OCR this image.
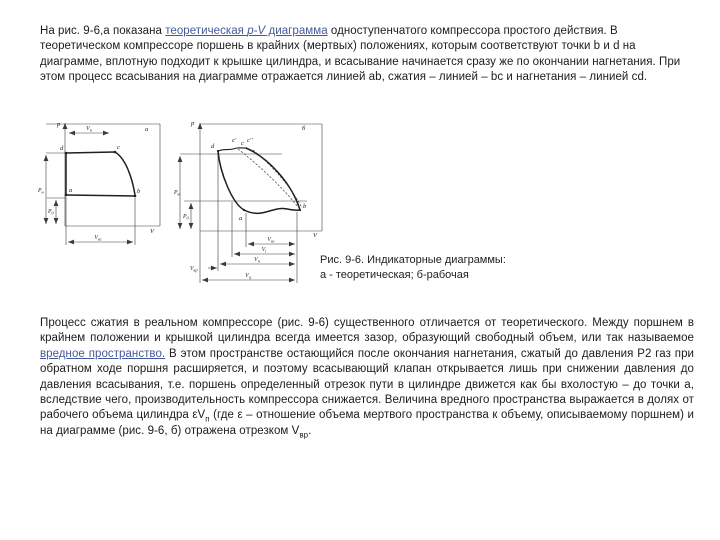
На рис. 9-6,а показана теоретическая p-V диаграмма одноступенчатого компрессора простого действия. В теоретическом компрессоре поршень в крайних (мертвых) положениях, которым соответствуют точки b и d на диаграмме, вплотную подходит к крышке цилиндра, и всасывание начинается сразу же по окончании нагнетания. При этом процесс всасывания на диаграмме отражается линией ab, сжатия – линией – bc и нагнетания – линией cd.

p
V
а
d	c
a	b
$V_н$
$P_н$
$P_0$
$V_{вс}$
p
V
б
d
c' c c''
a
b
$P_н$
$P_0$
$V_{вс}$
$V_i$
$V_п$
$V_{вр}$
$V_ц$
Рис. 9-6. Индикаторные диаграммы:
а - теоретическая; б-рабочая

Процесс сжатия в реальном компрессоре (рис. 9-6) существенного отличается от теоретического. Между поршнем в крайнем положении и крышкой цилиндра всегда имеется зазор, образующий свободный объем, или так называемое вредное пространство. В этом пространстве остающийся после окончания нагнетания, сжатый до давления Р2 газ при обратном ходе поршня расширяется, и поэтому всасывающий клапан открывается лишь при снижении давления до давления всасывания, т.е. поршень определенный отрезок пути в цилиндре движется как бы вхолостую – до точки a, вследствие чего, производительность компрессора снижается. Величина вредного пространства выражается в долях от рабочего объема цилиндра $\varepsilon V_п$ (где ε – отношение объема мертвого пространства к объему, описываемому поршнем) и на диаграмме (рис. 9-6, б) отражена отрезком $V_{вр}$.
